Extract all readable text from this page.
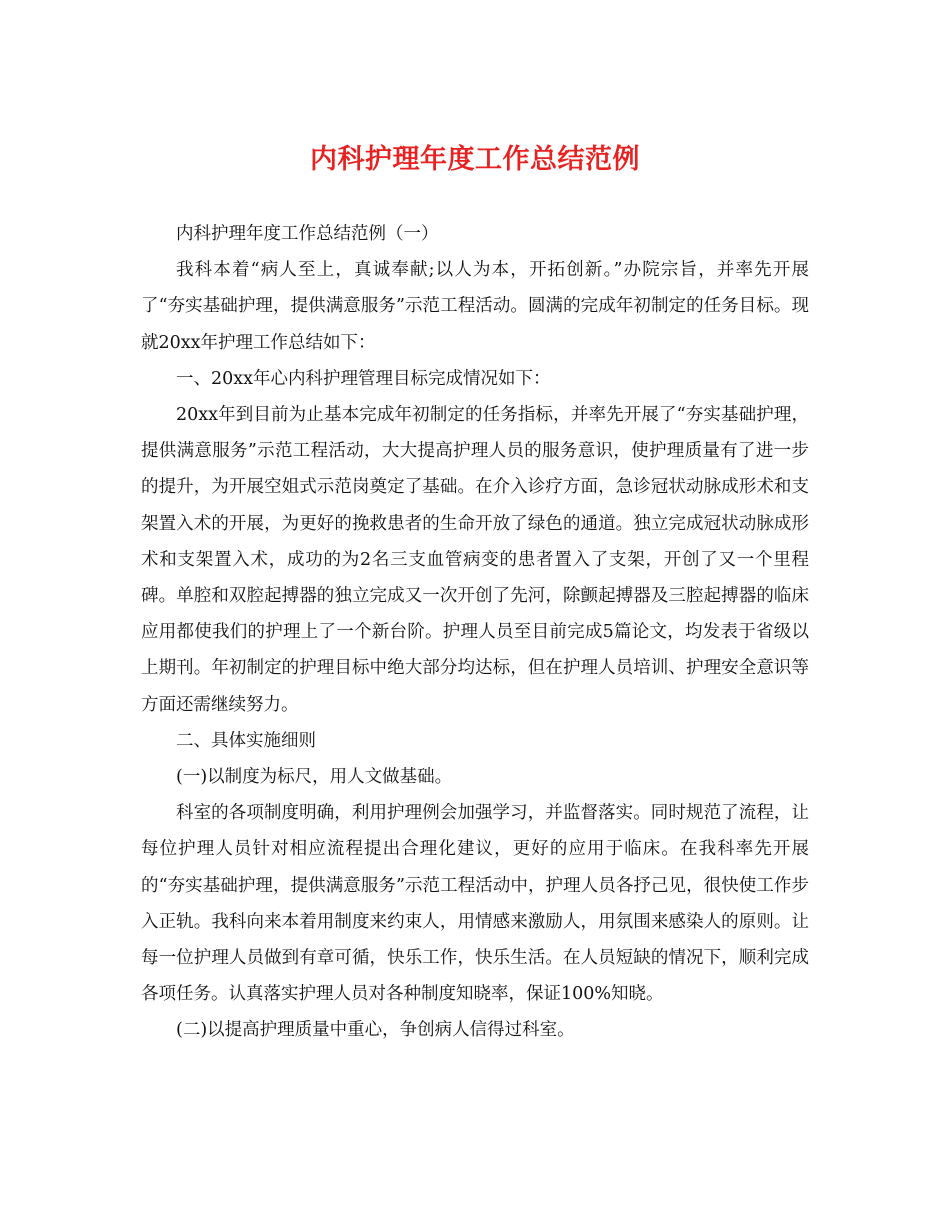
内科护理年度工作总结范例

内科护理年度工作总结范例（一）

我科本着“病人至上，真诚奉献;以人为本，开拓创新。”办院宗旨，并率先开展了“夯实基础护理，提供满意服务”示范工程活动。圆满的完成年初制定的任务目标。现就20xx年护理工作总结如下：

一、20xx年心内科护理管理目标完成情况如下：

20xx年到目前为止基本完成年初制定的任务指标，并率先开展了“夯实基础护理，提供满意服务”示范工程活动，大大提高护理人员的服务意识，使护理质量有了进一步的提升，为开展空姐式示范岗奠定了基础。在介入诊疗方面，急诊冠状动脉成形术和支架置入术的开展，为更好的挽救患者的生命开放了绿色的通道。独立完成冠状动脉成形术和支架置入术，成功的为2名三支血管病变的患者置入了支架，开创了又一个里程碑。单腔和双腔起搏器的独立完成又一次开创了先河，除颤起搏器及三腔起搏器的临床应用都使我们的护理上了一个新台阶。护理人员至目前完成5篇论文，均发表于省级以上期刊。年初制定的护理目标中绝大部分均达标，但在护理人员培训、护理安全意识等方面还需继续努力。

二、具体实施细则

(一)以制度为标尺，用人文做基础。

科室的各项制度明确，利用护理例会加强学习，并监督落实。同时规范了流程，让每位护理人员针对相应流程提出合理化建议，更好的应用于临床。在我科率先开展的“夯实基础护理，提供满意服务”示范工程活动中，护理人员各抒己见，很快使工作步入正轨。我科向来本着用制度来约束人，用情感来激励人，用氛围来感染人的原则。让每一位护理人员做到有章可循，快乐工作，快乐生活。在人员短缺的情况下，顺利完成各项任务。认真落实护理人员对各种制度知晓率，保证100%知晓。

(二)以提高护理质量中重心，争创病人信得过科室。
